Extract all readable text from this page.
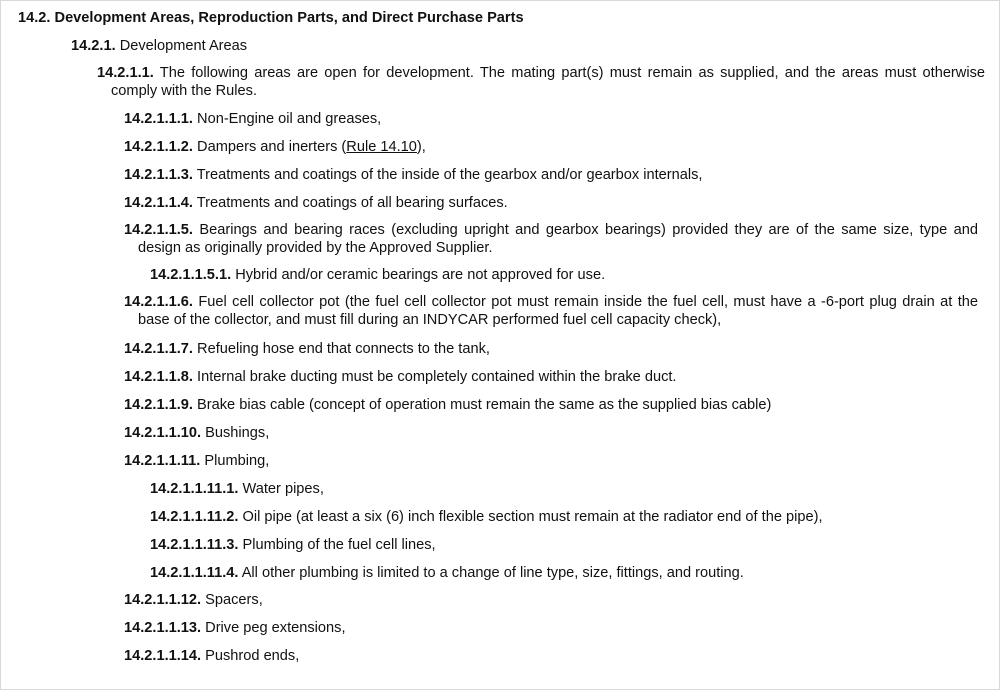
14.2. Development Areas, Reproduction Parts, and Direct Purchase Parts
14.2.1. Development Areas
14.2.1.1. The following areas are open for development. The mating part(s) must remain as supplied, and the areas must otherwise comply with the Rules.
14.2.1.1.1. Non-Engine oil and greases,
14.2.1.1.2. Dampers and inerters (Rule 14.10),
14.2.1.1.3. Treatments and coatings of the inside of the gearbox and/or gearbox internals,
14.2.1.1.4. Treatments and coatings of all bearing surfaces.
14.2.1.1.5. Bearings and bearing races (excluding upright and gearbox bearings) provided they are of the same size, type and design as originally provided by the Approved Supplier.
14.2.1.1.5.1. Hybrid and/or ceramic bearings are not approved for use.
14.2.1.1.6. Fuel cell collector pot (the fuel cell collector pot must remain inside the fuel cell, must have a -6-port plug drain at the base of the collector, and must fill during an INDYCAR performed fuel cell capacity check),
14.2.1.1.7. Refueling hose end that connects to the tank,
14.2.1.1.8. Internal brake ducting must be completely contained within the brake duct.
14.2.1.1.9. Brake bias cable (concept of operation must remain the same as the supplied bias cable)
14.2.1.1.10. Bushings,
14.2.1.1.11. Plumbing,
14.2.1.1.11.1. Water pipes,
14.2.1.1.11.2. Oil pipe (at least a six (6) inch flexible section must remain at the radiator end of the pipe),
14.2.1.1.11.3. Plumbing of the fuel cell lines,
14.2.1.1.11.4. All other plumbing is limited to a change of line type, size, fittings, and routing.
14.2.1.1.12. Spacers,
14.2.1.1.13. Drive peg extensions,
14.2.1.1.14. Pushrod ends,
